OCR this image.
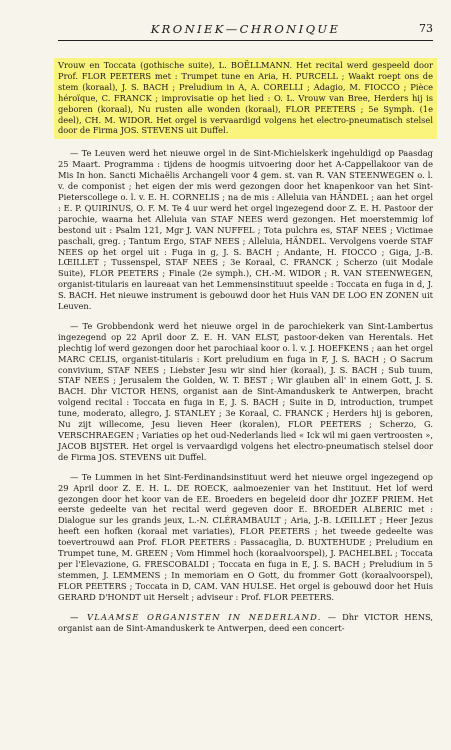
KRONIEK—CHRONIQUE	73

Vrouw en Toccata (gothische suite), L. BOËLLMANN. Het recital werd gespeeld door Prof. FLOR PEETERS met : Trumpet tune en Aria, H. PURCELL ; Waakt roept ons de stem (koraal), J. S. BACH ; Preludium in A, A. CORELLI ; Adagio, M. FIOCCO ; Pièce héroïque, C. FRANCK ; improvisatie op het lied : O. L. Vrouw van Bree, Herders hij is geboren (koraal), Nu rusten alle wonden (koraal), FLOR PEETERS ; 5e Symph. (1e deel), CH. M. WIDOR. Het orgel is vervaardigd volgens het electro-pneumatisch stelsel door de Firma JOS. STEVENS uit Duffel.

— Te Leuven werd het nieuwe orgel in de Sint-Michielskerk ingehuldigd op Paasdag 25 Maart. Programma : tijdens de hoogmis uitvoering door het A-Cappellakoor van de Mis In hon. Sancti Michaëlis Archangeli voor 4 gem. st. van R. VAN STEENWEGEN o. l. v. de componist ; het eigen der mis werd gezongen door het knapenkoor van het Sint-Pieterscollege o. l. v. E. H. CORNELIS ; na de mis : Alleluia van HÄNDEL ; aan het orgel : E. P. QUIRINUS, O. F. M. Te 4 uur werd het orgel ingezegend door Z. E. H. Pastoor der parochie, waarna het Alleluia van STAF NEES werd gezongen. Het moerstemmig lof bestond uit : Psalm 121, Mgr J. VAN NUFFEL ; Tota pulchra es, STAF NEES ; Victimae paschali, greg. ; Tantum Ergo, STAF NEES ; Alleluia, HÄNDEL. Vervolgens voerde STAF NEES op het orgel uit : Fuga in g, J. S. BACH ; Andante, H. FIOCCO ; Giga, J.-B. LŒILLET ; Tussenspel, STAF NEES ; 3e Koraal, C. FRANCK ; Scherzo (uit Modale Suite), FLOR PEETERS ; Finale (2e symph.), CH.-M. WIDOR ; R. VAN STEENWEGEN, organist-titularis en laureaat van het Lemmensinstituut speelde : Toccata en fuga in d, J. S. BACH. Het nieuwe instrument is gebouwd door het Huis VAN DE LOO EN ZONEN uit Leuven.

— Te Grobbendonk werd het nieuwe orgel in de parochiekerk van Sint-Lambertus ingezegend op 22 April door Z. E. H. VAN ELST, pastoor-deken van Herentals. Het plechtig lof werd gezongen door het parochiaal koor o. l. v. J. HOEFKENS ; aan het orgel MARC CELIS, organist-titularis : Kort preludium en fuga in F, J. S. BACH ; O Sacrum convivium, STAF NEES ; Liebster Jesu wir sind hier (koraal), J. S. BACH ; Sub tuum, STAF NEES ; Jerusalem the Golden, W. T. BEST ; Wir glauben all' in einem Gott, J. S. BACH. Dhr VICTOR HENS, organist aan de Sint-Amanduskerk te Antwerpen, bracht volgend recital : Toccata en fuga in E, J. S. BACH ; Suite in D, introduction, trumpet tune, moderato, allegro, J. STANLEY ; 3e Koraal, C. FRANCK ; Herders hij is geboren, Nu zijt willecome, Jesu lieven Heer (koralen), FLOR PEETERS ; Scherzo, G. VERSCHRAEGEN ; Variaties op het oud-Nederlands lied « Ick wil mi gaen vertroosten », JACOB BIJSTER. Het orgel is vervaardigd volgens het electro-pneumatisch stelsel door de Firma JOS. STEVENS uit Duffel.

— Te Lummen in het Sint-Ferdinandsinstituut werd het nieuwe orgel ingezegend op 29 April door Z. E. H. L. DE ROECK, aalmoezenier van het Instituut. Het lof werd gezongen door het koor van de EE. Broeders en begeleid door dhr JOZEF PRIEM. Het eerste gedeelte van het recital werd gegeven door E. BROEDER ALBERIC met : Dialogue sur les grands jeux, L.-N. CLÉRAMBAULT ; Aria, J.-B. LŒILLET ; Heer Jezus heeft een hofken (koraal met variaties), FLOR PEETERS ; het tweede gedeelte was toevertrouwd aan Prof. FLOR PEETERS : Passacaglia, D. BUXTEHUDE ; Preludium en Trumpet tune, M. GREEN ; Vom Himmel hoch (koraalvoorspel), J. PACHELBEL ; Toccata per l'Elevazione, G. FRESCOBALDI ; Toccata en fuga in E, J. S. BACH ; Preludium in 5 stemmen, J. LEMMENS ; In memoriam en O Gott, du frommer Gott (koraalvoorspel), FLOR PEETERS ; Toccata in D, CAM. VAN HULSE. Het orgel is gebouwd door het Huis GERARD D'HONDT uit Herselt ; adviseur : Prof. FLOR PEETERS.

— VLAAMSE ORGANISTEN IN NEDERLAND. — Dhr VICTOR HENS, organist aan de Sint-Amanduskerk te Antwerpen, deed een concert-
